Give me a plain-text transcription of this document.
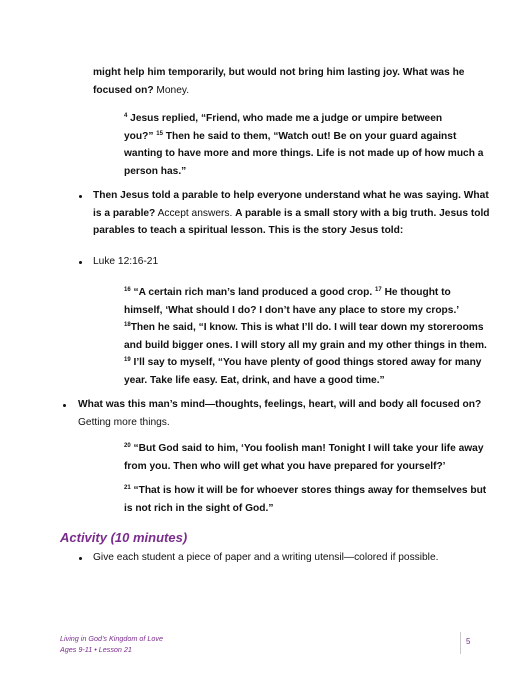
might help him temporarily, but would not bring him lasting joy. What was he
focused on? Money.
$^4$ Jesus replied, “Friend, who made me a judge or umpire between
you?” $^{15}$ Then he said to them, “Watch out! Be on your guard against
wanting to have more and more things. Life is not made up of how much a
person has.”
Then Jesus told a parable to help everyone understand what he was saying. What
is a parable? Accept answers. A parable is a small story with a big truth. Jesus told
parables to teach a spiritual lesson. This is the story Jesus told:
Luke 12:16-21
$^{16}$ “A certain rich man’s land produced a good crop. $^{17}$ He thought to
himself, ‘What should I do? I don’t have any place to store my crops.’
$^{18}$Then he said, “I know. This is what I’ll do. I will tear down my storerooms
and build bigger ones. I will story all my grain and my other things in them.
$^{19}$ I’ll say to myself, “You have plenty of good things stored away for many
year. Take life easy. Eat, drink, and have a good time.”
What was this man’s mind—thoughts, feelings, heart, will and body all focused on?
Getting more things.
$^{20}$ “But God said to him, ‘You foolish man! Tonight I will take your life away
from you. Then who will get what you have prepared for yourself?’
$^{21}$ “That is how it will be for whoever stores things away for themselves but
is not rich in the sight of God.”
Activity (10 minutes)
Give each student a piece of paper and a writing utensil—colored if possible.
Living in God’s Kingdom of Love
Ages 9-11 • Lesson 21
5
